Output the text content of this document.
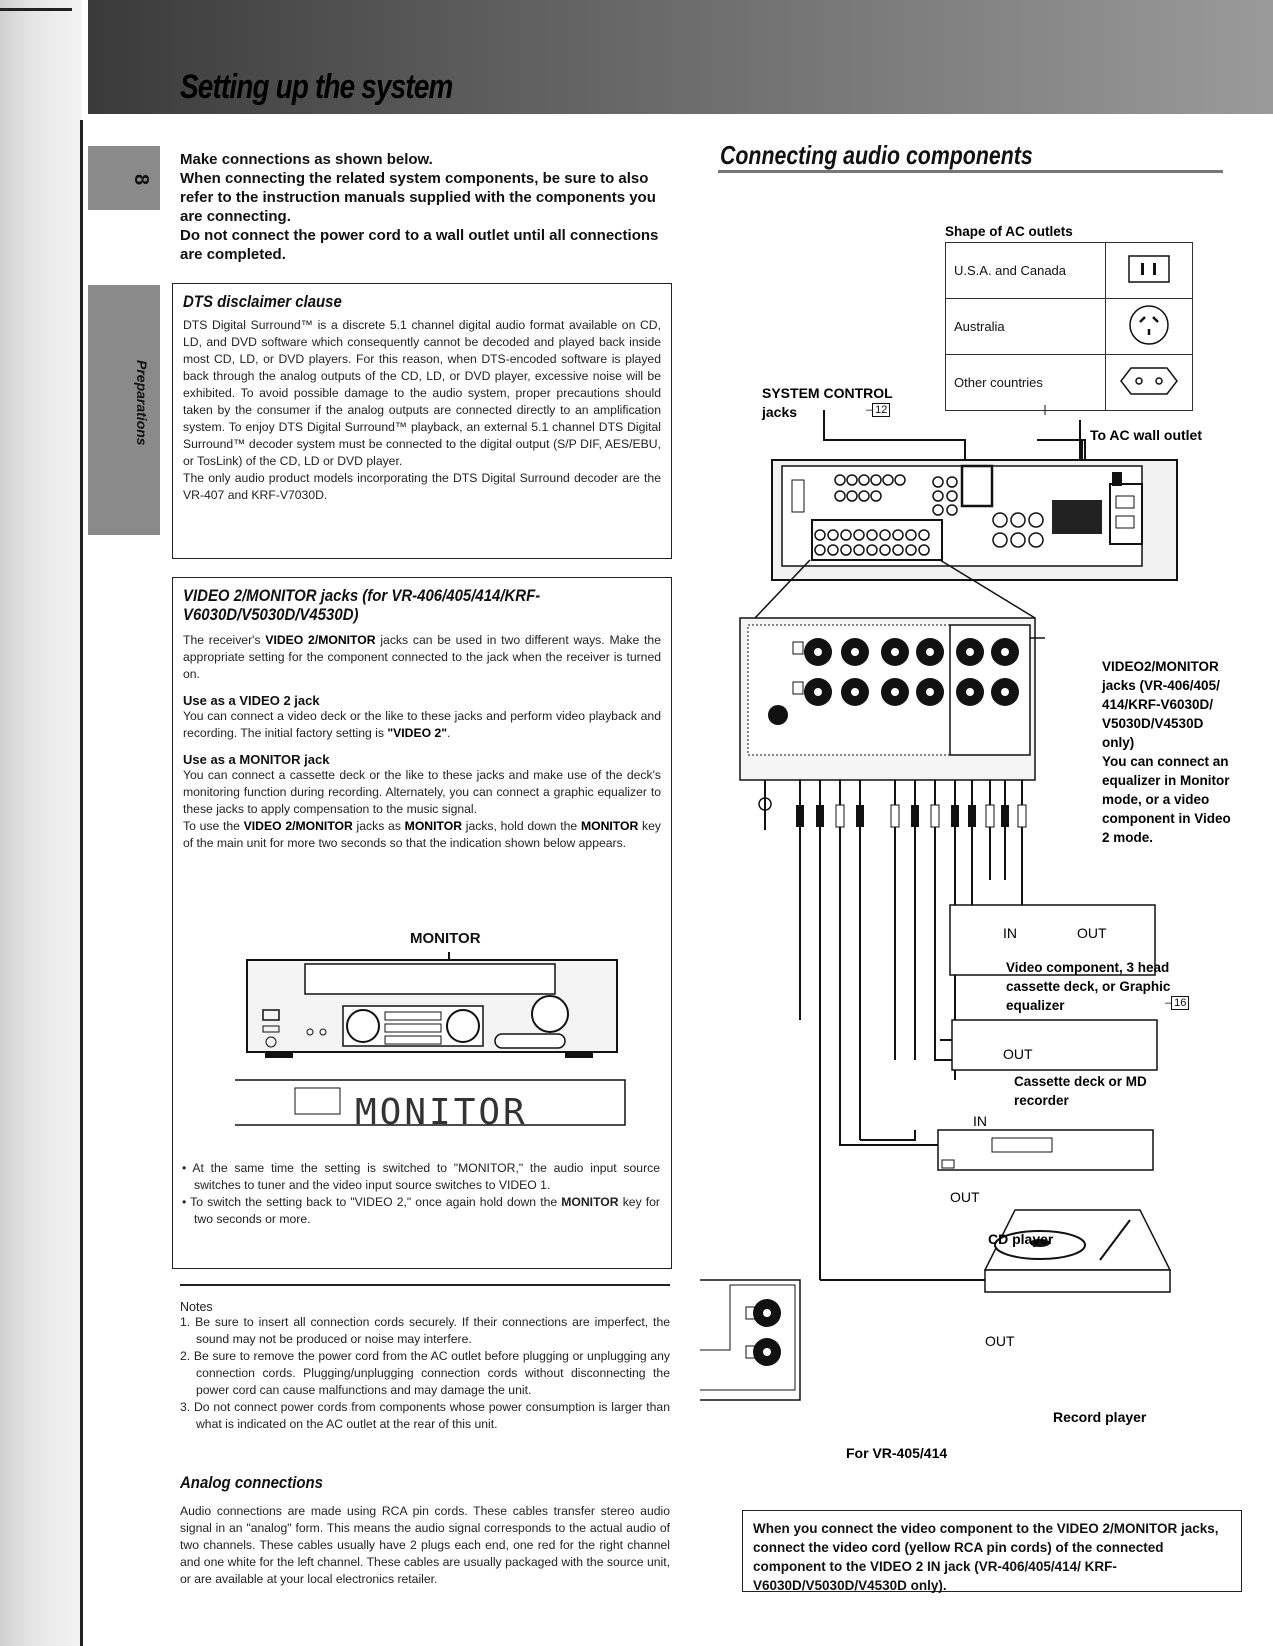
Setting up the system
8
Preparations
Make connections as shown below.
When connecting the related system components, be sure to also refer to the instruction manuals supplied with the components you are connecting.
Do not connect the power cord to a wall outlet until all connections are completed.
DTS disclaimer clause
DTS Digital Surround™ is a discrete 5.1 channel digital audio format available on CD, LD, and DVD software which consequently cannot be decoded and played back inside most CD, LD, or DVD players. For this reason, when DTS-encoded software is played back through the analog outputs of the CD, LD, or DVD player, excessive noise will be exhibited. To avoid possible damage to the audio system, proper precautions should taken by the consumer if the analog outputs are connected directly to an amplification system. To enjoy DTS Digital Surround™ playback, an external 5.1 channel DTS Digital Surround™ decoder system must be connected to the digital output (S/P DIF, AES/EBU, or TosLink) of the CD, LD or DVD player.
The only audio product models incorporating the DTS Digital Surround decoder are the VR-407 and KRF-V7030D.
VIDEO 2/MONITOR jacks (for VR-406/405/414/KRF-V6030D/V5030D/V4530D)
The receiver's VIDEO 2/MONITOR jacks can be used in two different ways. Make the appropriate setting for the component connected to the jack when the receiver is turned on.
Use as a VIDEO 2 jack
You can connect a video deck or the like to these jacks and perform video playback and recording. The initial factory setting is "VIDEO 2".
Use as a MONITOR jack
You can connect a cassette deck or the like to these jacks and make use of the deck's monitoring function during recording. Alternately, you can connect a graphic equalizer to these jacks to apply compensation to the music signal.
To use the VIDEO 2/MONITOR jacks as MONITOR jacks, hold down the MONITOR key of the main unit for more two seconds so that the indication shown below appears.
MONITOR
MONITOR
• At the same time the setting is switched to "MONITOR," the audio input source switches to tuner and the video input source switches to VIDEO 1.
• To switch the setting back to "VIDEO 2," once again hold down the MONITOR key for two seconds or more.
Notes
1. Be sure to insert all connection cords securely. If their connections are imperfect, the sound may not be produced or noise may interfere.
2. Be sure to remove the power cord from the AC outlet before plugging or unplugging any connection cords. Plugging/unplugging connection cords without disconnecting the power cord can cause malfunctions and may damage the unit.
3. Do not connect power cords from components whose power consumption is larger than what is indicated on the AC outlet at the rear of this unit.
Analog connections
Audio connections are made using RCA pin cords. These cables transfer stereo audio signal in an "analog" form. This means the audio signal corresponds to the actual audio of two channels. These cables usually have 2 plugs each end, one red for the right channel and one white for the left channel. These cables are usually packaged with the source unit, or are available at your local electronics retailer.
Connecting audio components
Shape of AC outlets
U.S.A. and Canada	
Australia	
Other countries	
SYSTEM CONTROL
jacks	– 12
To AC wall outlet
VIDEO2/MONITOR jacks (VR-406/405/ 414/KRF-V6030D/ V5030D/V4530D only)
You can connect an equalizer in Monitor mode, or a video component in Video 2 mode.
IN	OUT
Video component, 3 head cassette deck, or Graphic equalizer	– 16
OUT
Cassette deck or MD recorder
IN
OUT
CD player
OUT
Record player
For VR-405/414
When you connect the video component to the VIDEO 2/MONITOR jacks, connect the video cord (yellow RCA pin cords) of the connected component to the VIDEO 2 IN jack (VR-406/405/414/ KRF-V6030D/V5030D/V4530D only).
